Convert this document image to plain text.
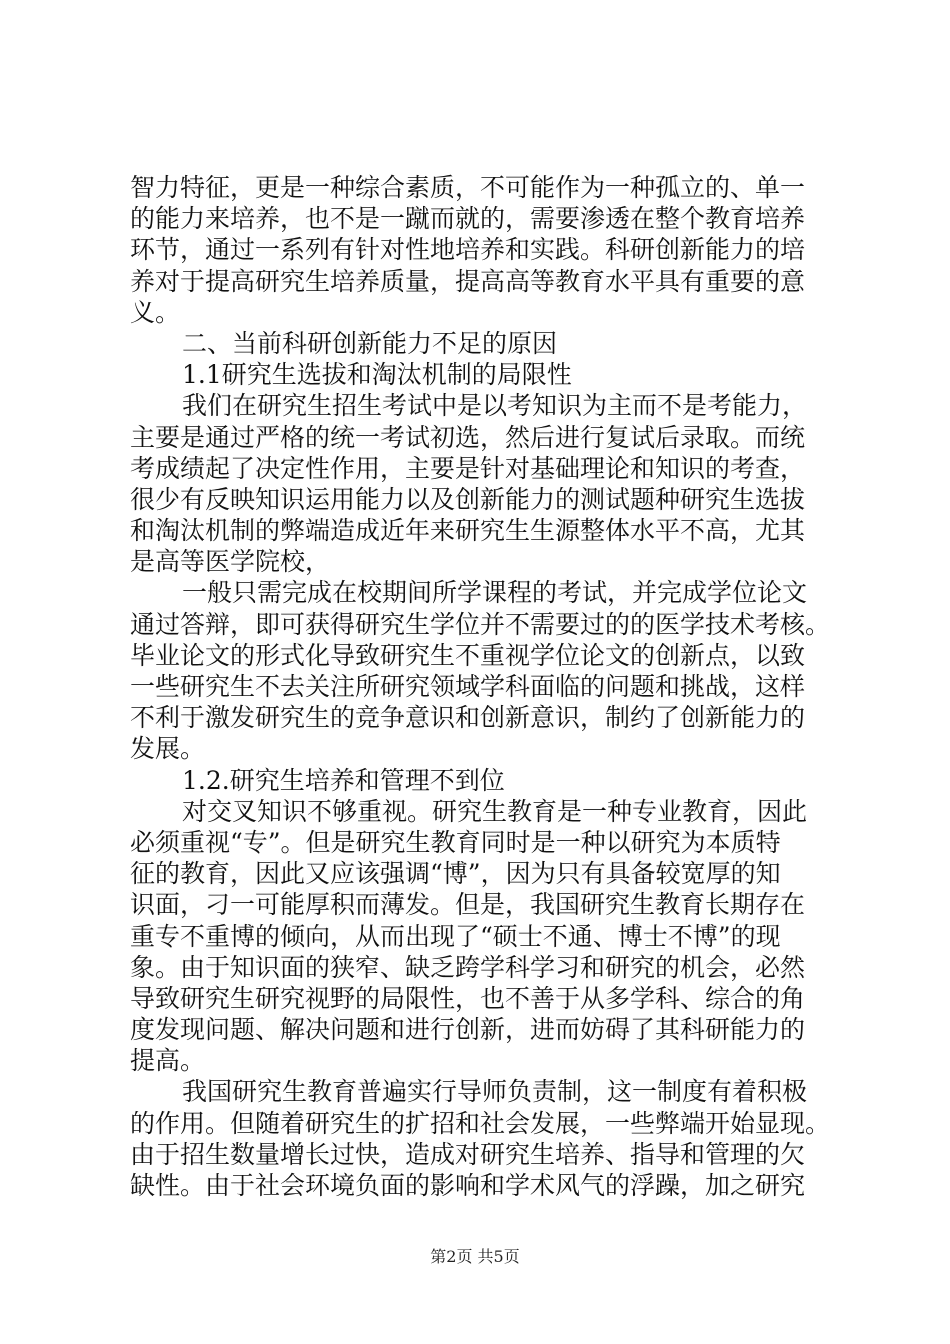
智力特征，更是一种综合素质，不可能作为一种孤立的、单一
的能力来培养，也不是一蹴而就的，需要渗透在整个教育培养
环节，通过一系列有针对性地培养和实践。科研创新能力的培
养对于提高研究生培养质量，提高高等教育水平具有重要的意
义。
二、当前科研创新能力不足的原因
1.1研究生选拔和淘汰机制的局限性
我们在研究生招生考试中是以考知识为主而不是考能力，
主要是通过严格的统一考试初选，然后进行复试后录取。而统
考成绩起了决定性作用，主要是针对基础理论和知识的考查，
很少有反映知识运用能力以及创新能力的测试题种研究生选拔
和淘汰机制的弊端造成近年来研究生生源整体水平不高，尤其
是高等医学院校，
一般只需完成在校期间所学课程的考试，并完成学位论文
通过答辩，即可获得研究生学位并不需要过的的医学技术考核。
毕业论文的形式化导致研究生不重视学位论文的创新点，以致
一些研究生不去关注所研究领域学科面临的问题和挑战，这样
不利于激发研究生的竞争意识和创新意识，制约了创新能力的
发展。
1.2.研究生培养和管理不到位
对交叉知识不够重视。研究生教育是一种专业教育，因此
必须重视“专”。但是研究生教育同时是一种以研究为本质特
征的教育，因此又应该强调“博”，因为只有具备较宽厚的知
识面，刁一可能厚积而薄发。但是，我国研究生教育长期存在
重专不重博的倾向，从而出现了“硕士不通、博士不博”的现
象。由于知识面的狭窄、缺乏跨学科学习和研究的机会，必然
导致研究生研究视野的局限性，也不善于从多学科、综合的角
度发现问题、解决问题和进行创新，进而妨碍了其科研能力的
提高。
我国研究生教育普遍实行导师负责制，这一制度有着积极
的作用。但随着研究生的扩招和社会发展，一些弊端开始显现。
由于招生数量增长过快，造成对研究生培养、指导和管理的欠
缺性。由于社会环境负面的影响和学术风气的浮躁，加之研究
第2页 共5页
